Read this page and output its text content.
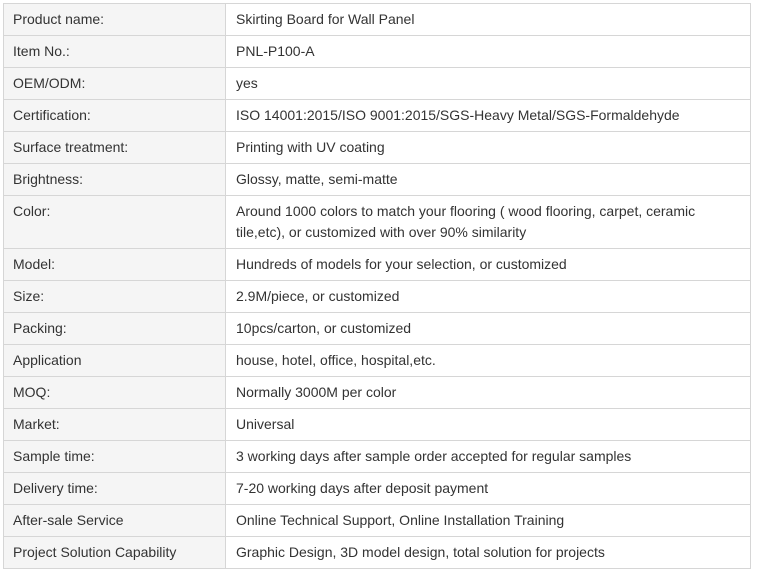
Product name:	Skirting Board for Wall Panel
Item No.:	PNL-P100-A
OEM/ODM:	yes
Certification:	ISO 14001:2015/ISO 9001:2015/SGS-Heavy Metal/SGS-Formaldehyde
Surface treatment:	Printing with UV coating
Brightness:	Glossy, matte, semi-matte
Color:	Around 1000 colors to match your flooring ( wood flooring, carpet, ceramic tile,etc), or customized with over 90% similarity
Model:	Hundreds of models for your selection, or customized
Size:	2.9M/piece, or customized
Packing:	10pcs/carton, or customized
Application	house, hotel, office, hospital,etc.
MOQ:	Normally 3000M per color
Market:	Universal
Sample time:	3 working days after sample order accepted for regular samples
Delivery time:	7-20 working days after deposit payment
After-sale Service	Online Technical Support, Online Installation Training
Project Solution Capability	Graphic Design, 3D model design, total solution for projects
